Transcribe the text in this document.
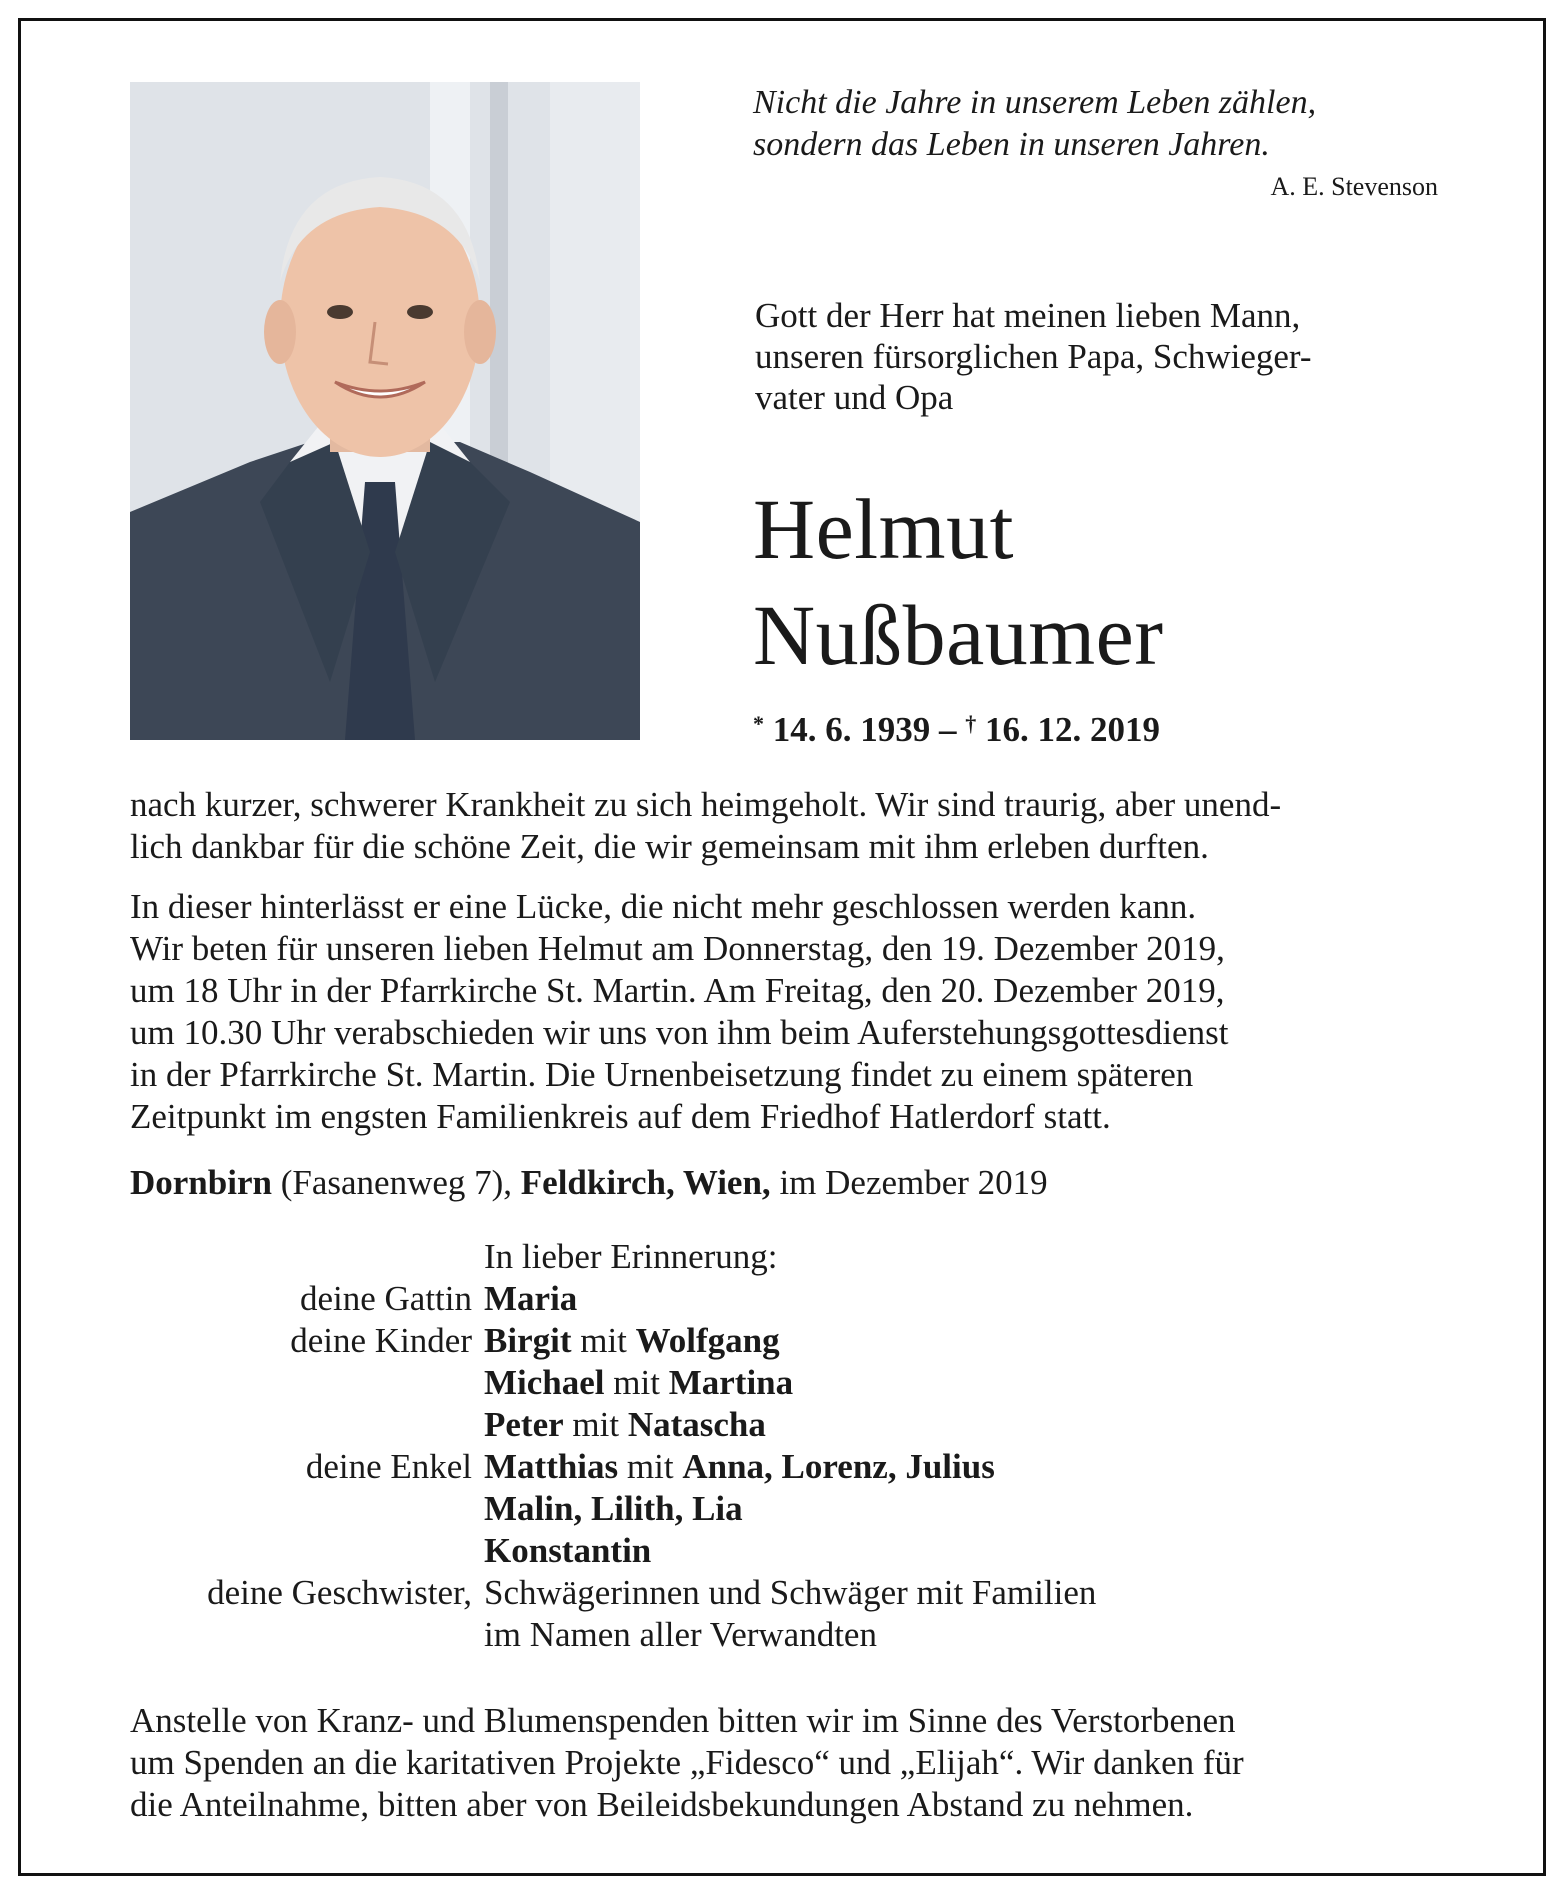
Nicht die Jahre in unserem Leben zählen,
sondern das Leben in unseren Jahren.
A. E. Stevenson
Gott der Herr hat meinen lieben Mann,
unseren fürsorglichen Papa, Schwieger-
vater und Opa
Helmut
Nußbaumer
* 14. 6. 1939 – † 16. 12. 2019
nach kurzer, schwerer Krankheit zu sich heimgeholt. Wir sind traurig, aber unend-
lich dankbar für die schöne Zeit, die wir gemeinsam mit ihm erleben durften.
In dieser hinterlässt er eine Lücke, die nicht mehr geschlossen werden kann.
Wir beten für unseren lieben Helmut am Donnerstag, den 19. Dezember 2019,
um 18 Uhr in der Pfarrkirche St. Martin. Am Freitag, den 20. Dezember 2019,
um 10.30 Uhr verabschieden wir uns von ihm beim Auferstehungsgottesdienst
in der Pfarrkirche St. Martin. Die Urnenbeisetzung findet zu einem späteren
Zeitpunkt im engsten Familienkreis auf dem Friedhof Hatlerdorf statt.
Dornbirn (Fasanenweg 7), Feldkirch, Wien, im Dezember 2019
In lieber Erinnerung:
deine Gattin Maria
deine Kinder Birgit mit Wolfgang
Michael mit Martina
Peter mit Natascha
deine Enkel Matthias mit Anna, Lorenz, Julius
Malin, Lilith, Lia
Konstantin
deine Geschwister, Schwägerinnen und Schwäger mit Familien
im Namen aller Verwandten
Anstelle von Kranz- und Blumenspenden bitten wir im Sinne des Verstorbenen
um Spenden an die karitativen Projekte „Fidesco“ und „Elijah“. Wir danken für
die Anteilnahme, bitten aber von Beileidsbekundungen Abstand zu nehmen.
